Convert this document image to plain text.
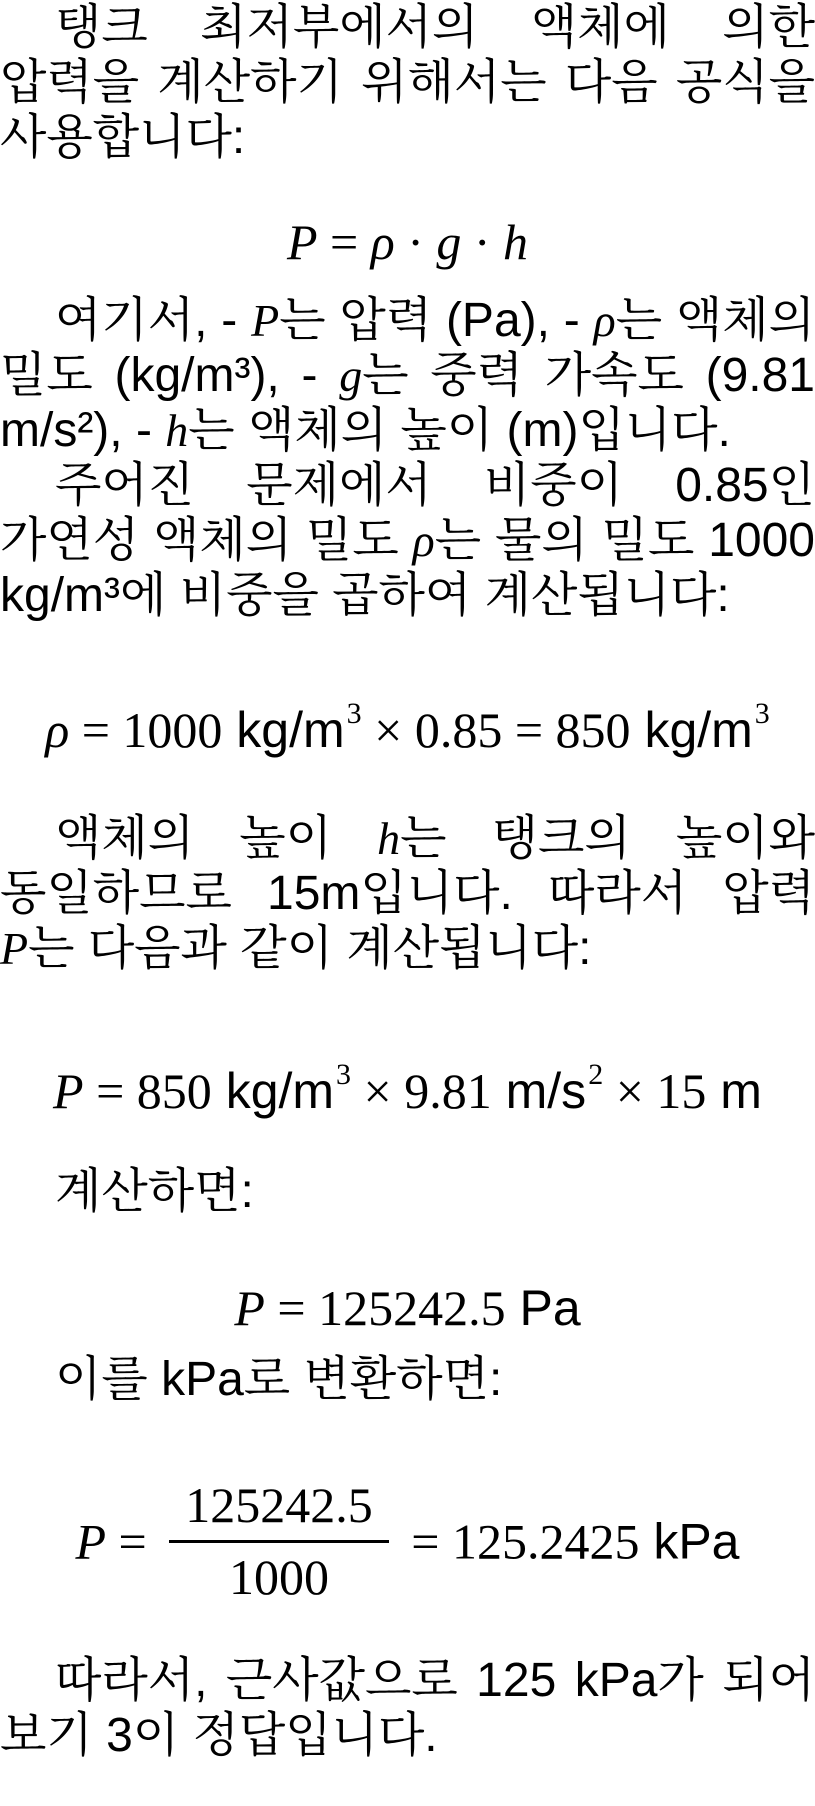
탱크 최저부에서의 액체에 의한 압력을 계산하기 위해서는 다음 공식을 사용합니다:

P = ρ · g · h

여기서, - P는 압력 (Pa), - ρ는 액체의 밀도 (kg/m³), - g는 중력 가속도 (9.81 m/s²), - h는 액체의 높이 (m)입니다.

주어진 문제에서 비중이 0.85인 가연성 액체의 밀도 ρ는 물의 밀도 1000 kg/m³에 비중을 곱하여 계산됩니다:

ρ = 1000 kg/m$^3$ × 0.85 = 850 kg/m$^3$

액체의 높이 h는 탱크의 높이와 동일하므로 15m입니다. 따라서 압력 P는 다음과 같이 계산됩니다:

P = 850 kg/m$^3$ × 9.81 m/s$^2$ × 15 m

계산하면:

P = 125242.5 Pa

이를 kPa로 변환하면:

$P = \frac{125242.5}{1000} = 125.2425$ kPa

따라서, 근사값으로 125 kPa가 되어 보기 3이 정답입니다.
